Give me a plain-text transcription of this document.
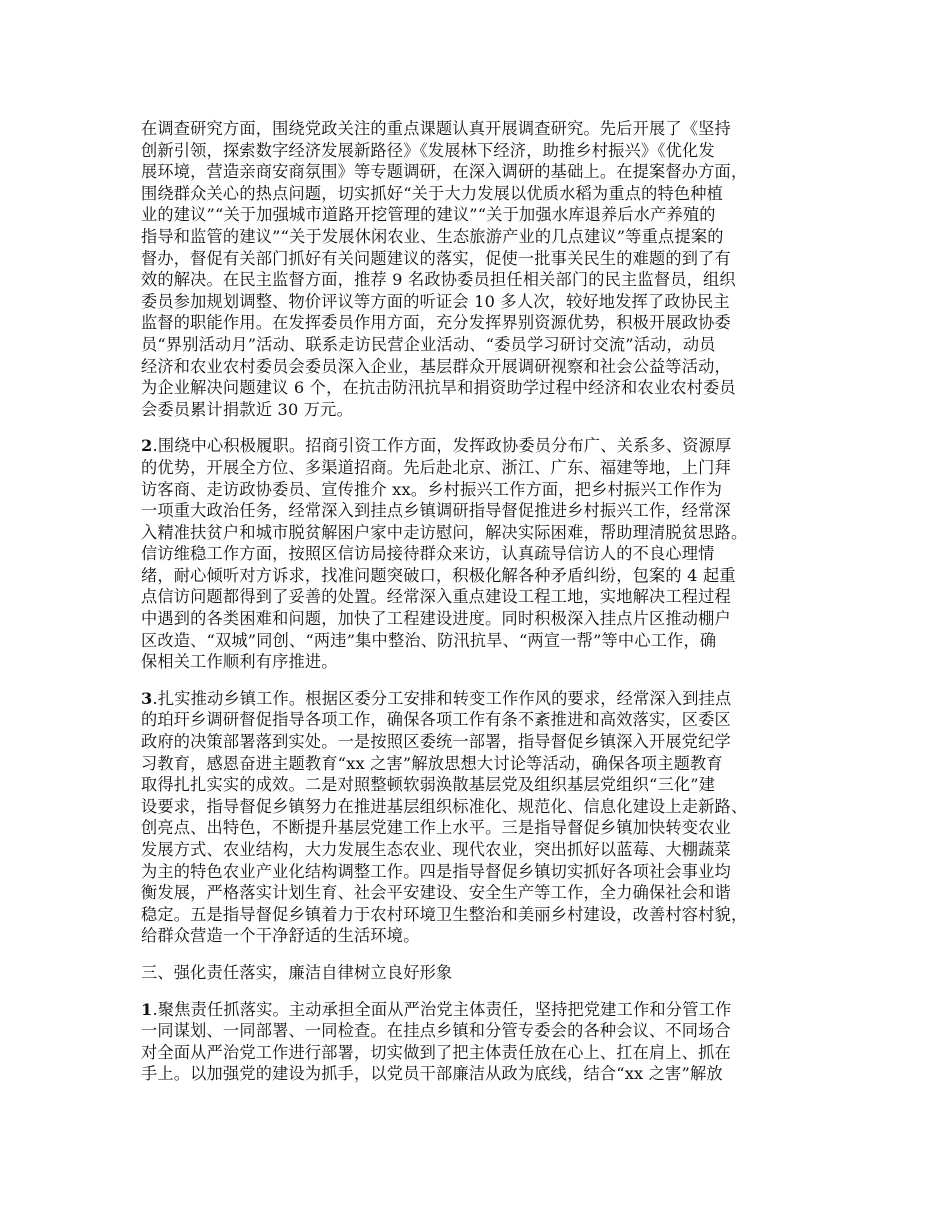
在调查研究方面，围绕党政关注的重点课题认真开展调查研究。先后开展了《坚持
创新引领，探索数字经济发展新路径》《发展林下经济，助推乡村振兴》《优化发
展环境，营造亲商安商氛围》等专题调研，在深入调研的基础上。在提案督办方面，
围绕群众关心的热点问题，切实抓好“关于大力发展以优质水稻为重点的特色种植
业的建议”“关于加强城市道路开挖管理的建议”“关于加强水库退养后水产养殖的
指导和监管的建议”“关于发展休闲农业、生态旅游产业的几点建议”等重点提案的
督办，督促有关部门抓好有关问题建议的落实，促使一批事关民生的难题的到了有
效的解决。在民主监督方面，推荐 9 名政协委员担任相关部门的民主监督员，组织
委员参加规划调整、物价评议等方面的听证会 10 多人次，较好地发挥了政协民主
监督的职能作用。在发挥委员作用方面，充分发挥界别资源优势，积极开展政协委
员“界别活动月”活动、联系走访民营企业活动、“委员学习研讨交流”活动，动员
经济和农业农村委员会委员深入企业，基层群众开展调研视察和社会公益等活动，
为企业解决问题建议 6 个，在抗击防汛抗旱和捐资助学过程中经济和农业农村委员
会委员累计捐款近 30 万元。
2.围绕中心积极履职。招商引资工作方面，发挥政协委员分布广、关系多、资源厚
的优势，开展全方位、多渠道招商。先后赴北京、浙江、广东、福建等地，上门拜
访客商、走访政协委员、宣传推介 xx。乡村振兴工作方面，把乡村振兴工作作为
一项重大政治任务，经常深入到挂点乡镇调研指导督促推进乡村振兴工作，经常深
入精准扶贫户和城市脱贫解困户家中走访慰问，解决实际困难，帮助理清脱贫思路。
信访维稳工作方面，按照区信访局接待群众来访，认真疏导信访人的不良心理情
绪，耐心倾听对方诉求，找准问题突破口，积极化解各种矛盾纠纷，包案的 4 起重
点信访问题都得到了妥善的处置。经常深入重点建设工程工地，实地解决工程过程
中遇到的各类困难和问题，加快了工程建设进度。同时积极深入挂点片区推动棚户
区改造、“双城”同创、“两违”集中整治、防汛抗旱、“两宣一帮”等中心工作，确
保相关工作顺利有序推进。
3.扎实推动乡镇工作。根据区委分工安排和转变工作作风的要求，经常深入到挂点
的珀玕乡调研督促指导各项工作，确保各项工作有条不紊推进和高效落实，区委区
政府的决策部署落到实处。一是按照区委统一部署，指导督促乡镇深入开展党纪学
习教育，感恩奋进主题教育“xx 之害”解放思想大讨论等活动，确保各项主题教育
取得扎扎实实的成效。二是对照整顿软弱涣散基层党及组织基层党组织“三化”建
设要求，指导督促乡镇努力在推进基层组织标准化、规范化、信息化建设上走新路、
创亮点、出特色，不断提升基层党建工作上水平。三是指导督促乡镇加快转变农业
发展方式、农业结构，大力发展生态农业、现代农业，突出抓好以蓝莓、大棚蔬菜
为主的特色农业产业化结构调整工作。四是指导督促乡镇切实抓好各项社会事业均
衡发展，严格落实计划生育、社会平安建设、安全生产等工作，全力确保社会和谐
稳定。五是指导督促乡镇着力于农村环境卫生整治和美丽乡村建设，改善村容村貌，
给群众营造一个干净舒适的生活环境。
三、强化责任落实，廉洁自律树立良好形象
1.聚焦责任抓落实。主动承担全面从严治党主体责任，坚持把党建工作和分管工作
一同谋划、一同部署、一同检查。在挂点乡镇和分管专委会的各种会议、不同场合
对全面从严治党工作进行部署，切实做到了把主体责任放在心上、扛在肩上、抓在
手上。以加强党的建设为抓手，以党员干部廉洁从政为底线，结合“xx 之害”解放
